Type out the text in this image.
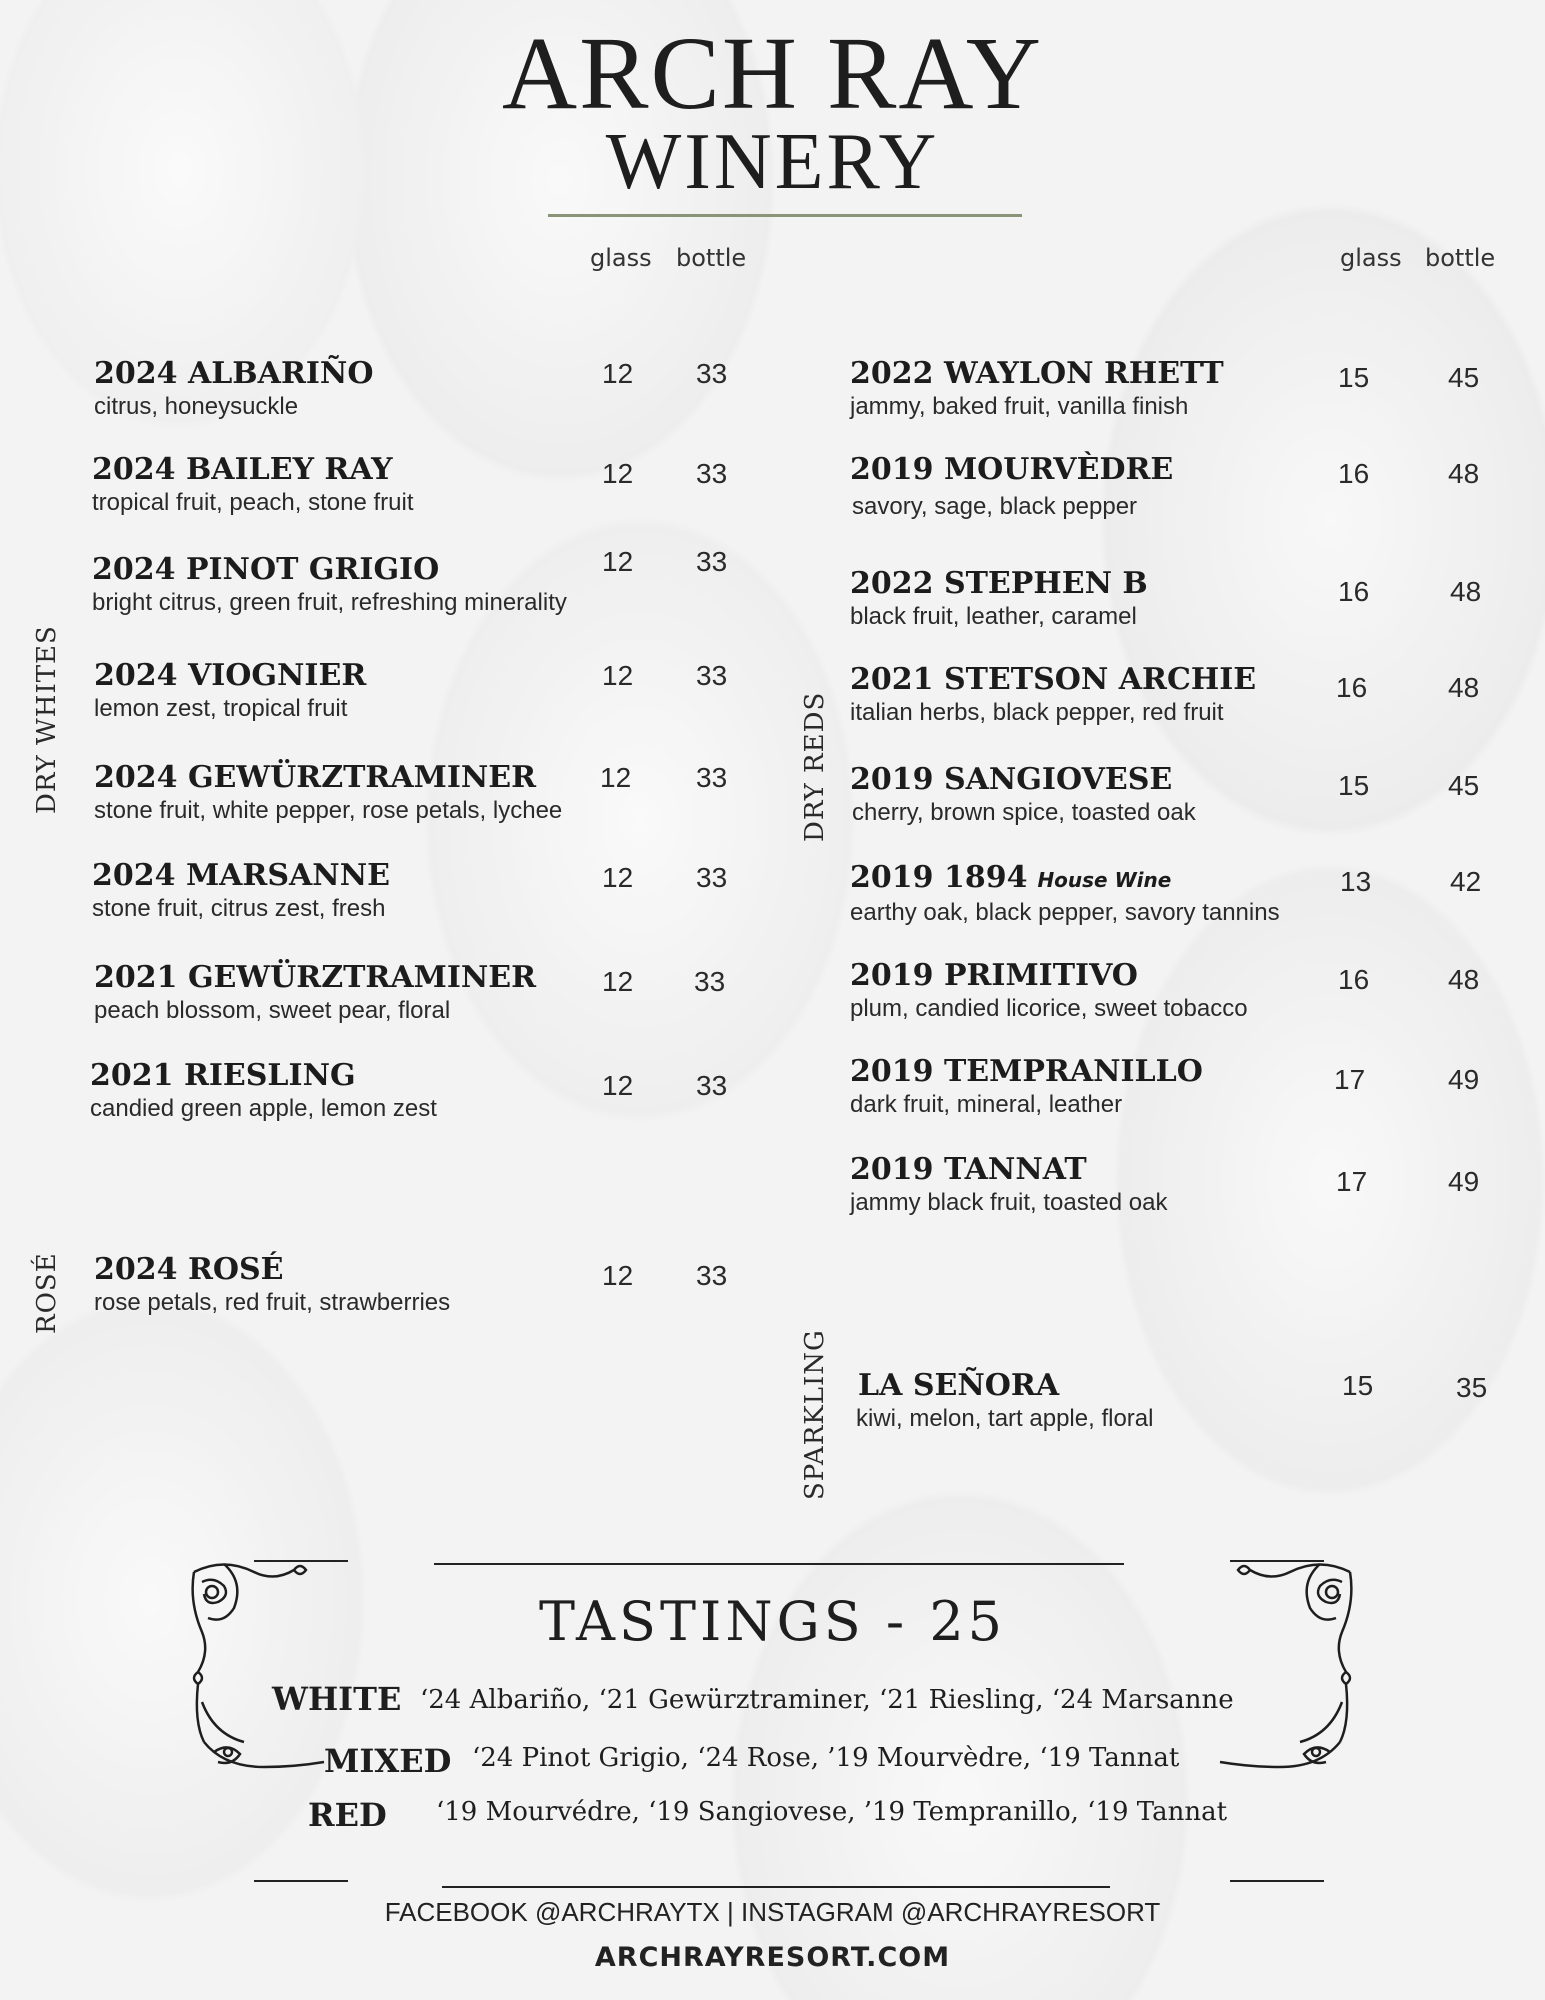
ARCH RAY
WINERY
glass bottle	glass bottle
DRY WHITES
ROSÉ
DRY REDS
SPARKLING
2024 ALBARIÑO
citrus, honeysuckle
12 33
2024 BAILEY RAY
tropical fruit, peach, stone fruit
12 33
2024 PINOT GRIGIO
bright citrus, green fruit, refreshing minerality
12 33
2024 VIOGNIER
lemon zest, tropical fruit
12 33
2024 GEWÜRZTRAMINER
stone fruit, white pepper, rose petals, lychee
12 33
2024 MARSANNE
stone fruit, citrus zest, fresh
12 33
2021 GEWÜRZTRAMINER
peach blossom, sweet pear, floral
12 33
2021 RIESLING
candied green apple, lemon zest
12 33
2024 ROSÉ
rose petals, red fruit, strawberries
12 33
2022 WAYLON RHETT
jammy, baked fruit, vanilla finish
15	45
2019 MOURVÈDRE
savory, sage, black pepper
16	48
2022 STEPHEN B
black fruit, leather, caramel
16	48
2021 STETSON ARCHIE
italian herbs, black pepper, red fruit
16	48
2019 SANGIOVESE
cherry, brown spice, toasted oak
15	45
2019 1894 House Wine
earthy oak, black pepper, savory tannins
13	42
2019 PRIMITIVO
plum, candied licorice, sweet tobacco
16	48
2019 TEMPRANILLO
dark fruit, mineral, leather
17	49
2019 TANNAT
jammy black fruit, toasted oak
17	49
LA SEÑORA
kiwi, melon, tart apple, floral
15	35
TASTINGS - 25
WHITE ‘24 Albariño, ‘21 Gewürztraminer, ‘21 Riesling, ‘24 Marsanne
MIXED ‘24 Pinot Grigio, ‘24 Rose, ’19 Mourvèdre, ‘19 Tannat
RED ‘19 Mourvédre, ‘19 Sangiovese, ’19 Tempranillo, ‘19 Tannat
FACEBOOK @ARCHRAYTX | INSTAGRAM @ARCHRAYRESORT
ARCHRAYRESORT.COM
